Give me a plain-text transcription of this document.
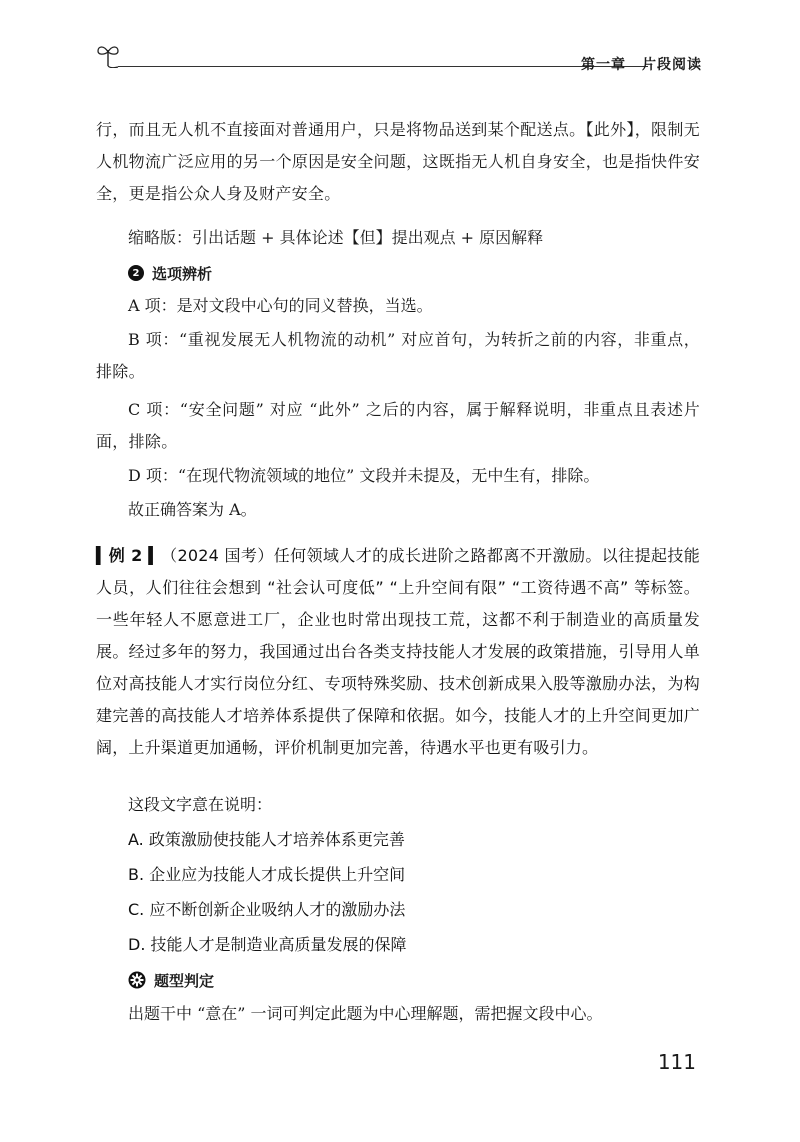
第一章 片段阅读

行，而且无人机不直接面对普通用户，只是将物品送到某个配送点。【此外】，限制无人机物流广泛应用的另一个原因是安全问题，这既指无人机自身安全，也是指快件安全，更是指公众人身及财产安全。

缩略版：引出话题 + 具体论述【但】提出观点 + 原因解释
2 选项辨析
A 项：是对文段中心句的同义替换，当选。

B 项：“重视发展无人机物流的动机” 对应首句，为转折之前的内容，非重点，排除。

C 项：“安全问题” 对应 “此外” 之后的内容，属于解释说明，非重点且表述片面，排除。

D 项：“在现代物流领域的地位” 文段并未提及，无中生有，排除。
故正确答案为 A。

▍例 2 ▍（2024 国考）任何领域人才的成长进阶之路都离不开激励。以往提起技能人员，人们往往会想到 “社会认可度低” “上升空间有限” “工资待遇不高” 等标签。一些年轻人不愿意进工厂，企业也时常出现技工荒，这都不利于制造业的高质量发展。经过多年的努力，我国通过出台各类支持技能人才发展的政策措施，引导用人单位对高技能人才实行岗位分红、专项特殊奖励、技术创新成果入股等激励办法，为构建完善的高技能人才培养体系提供了保障和依据。如今，技能人才的上升空间更加广阔，上升渠道更加通畅，评价机制更加完善，待遇水平也更有吸引力。

这段文字意在说明：
A. 政策激励使技能人才培养体系更完善
B. 企业应为技能人才成长提供上升空间
C. 应不断创新企业吸纳人才的激励办法
D. 技能人才是制造业高质量发展的保障
题型判定
出题干中 “意在” 一词可判定此题为中心理解题，需把握文段中心。
111
